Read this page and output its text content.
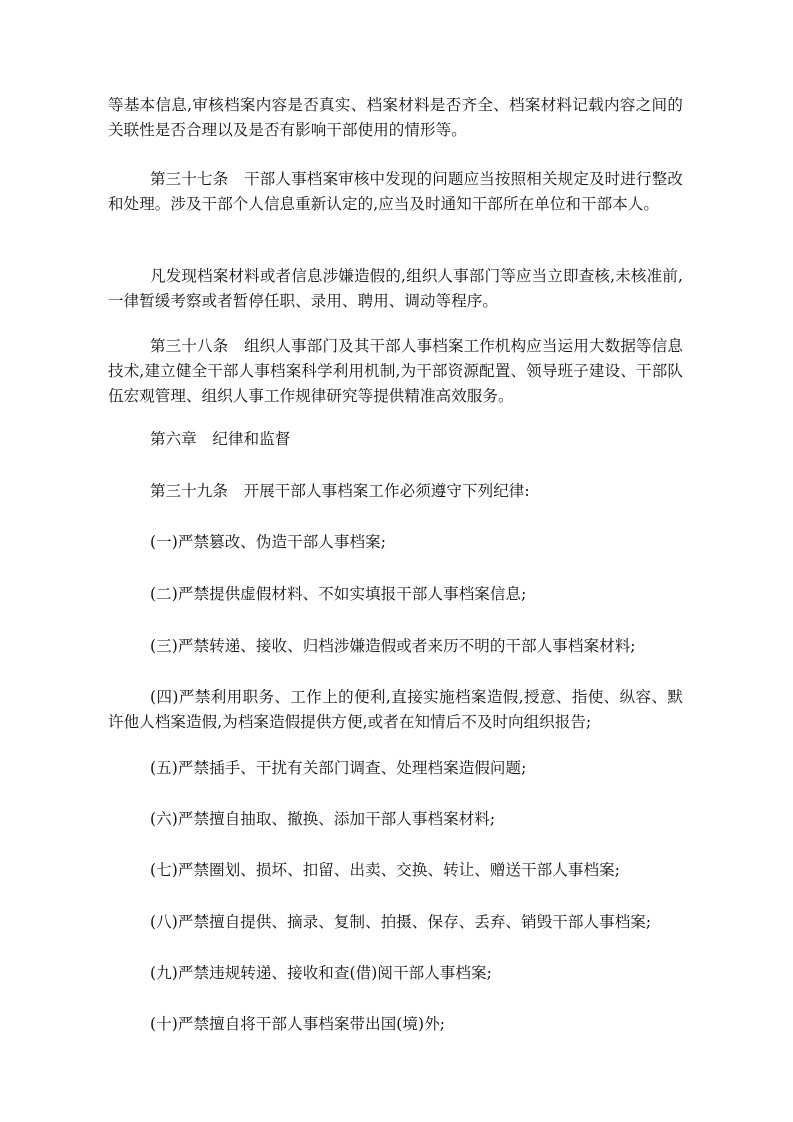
等基本信息,审核档案内容是否真实、档案材料是否齐全、档案材料记载内容之间的关联性是否合理以及是否有影响干部使用的情形等。

第三十七条　干部人事档案审核中发现的问题应当按照相关规定及时进行整改和处理。涉及干部个人信息重新认定的,应当及时通知干部所在单位和干部本人。

凡发现档案材料或者信息涉嫌造假的,组织人事部门等应当立即查核,未核准前,一律暂缓考察或者暂停任职、录用、聘用、调动等程序。

第三十八条　组织人事部门及其干部人事档案工作机构应当运用大数据等信息技术,建立健全干部人事档案科学利用机制,为干部资源配置、领导班子建设、干部队伍宏观管理、组织人事工作规律研究等提供精准高效服务。

第六章　纪律和监督

第三十九条　开展干部人事档案工作必须遵守下列纪律:

(一)严禁篡改、伪造干部人事档案;

(二)严禁提供虚假材料、不如实填报干部人事档案信息;

(三)严禁转递、接收、归档涉嫌造假或者来历不明的干部人事档案材料;

(四)严禁利用职务、工作上的便利,直接实施档案造假,授意、指使、纵容、默许他人档案造假,为档案造假提供方便,或者在知情后不及时向组织报告;

(五)严禁插手、干扰有关部门调查、处理档案造假问题;

(六)严禁擅自抽取、撤换、添加干部人事档案材料;

(七)严禁圈划、损坏、扣留、出卖、交换、转让、赠送干部人事档案;

(八)严禁擅自提供、摘录、复制、拍摄、保存、丢弃、销毁干部人事档案;

(九)严禁违规转递、接收和查(借)阅干部人事档案;

(十)严禁擅自将干部人事档案带出国(境)外;
